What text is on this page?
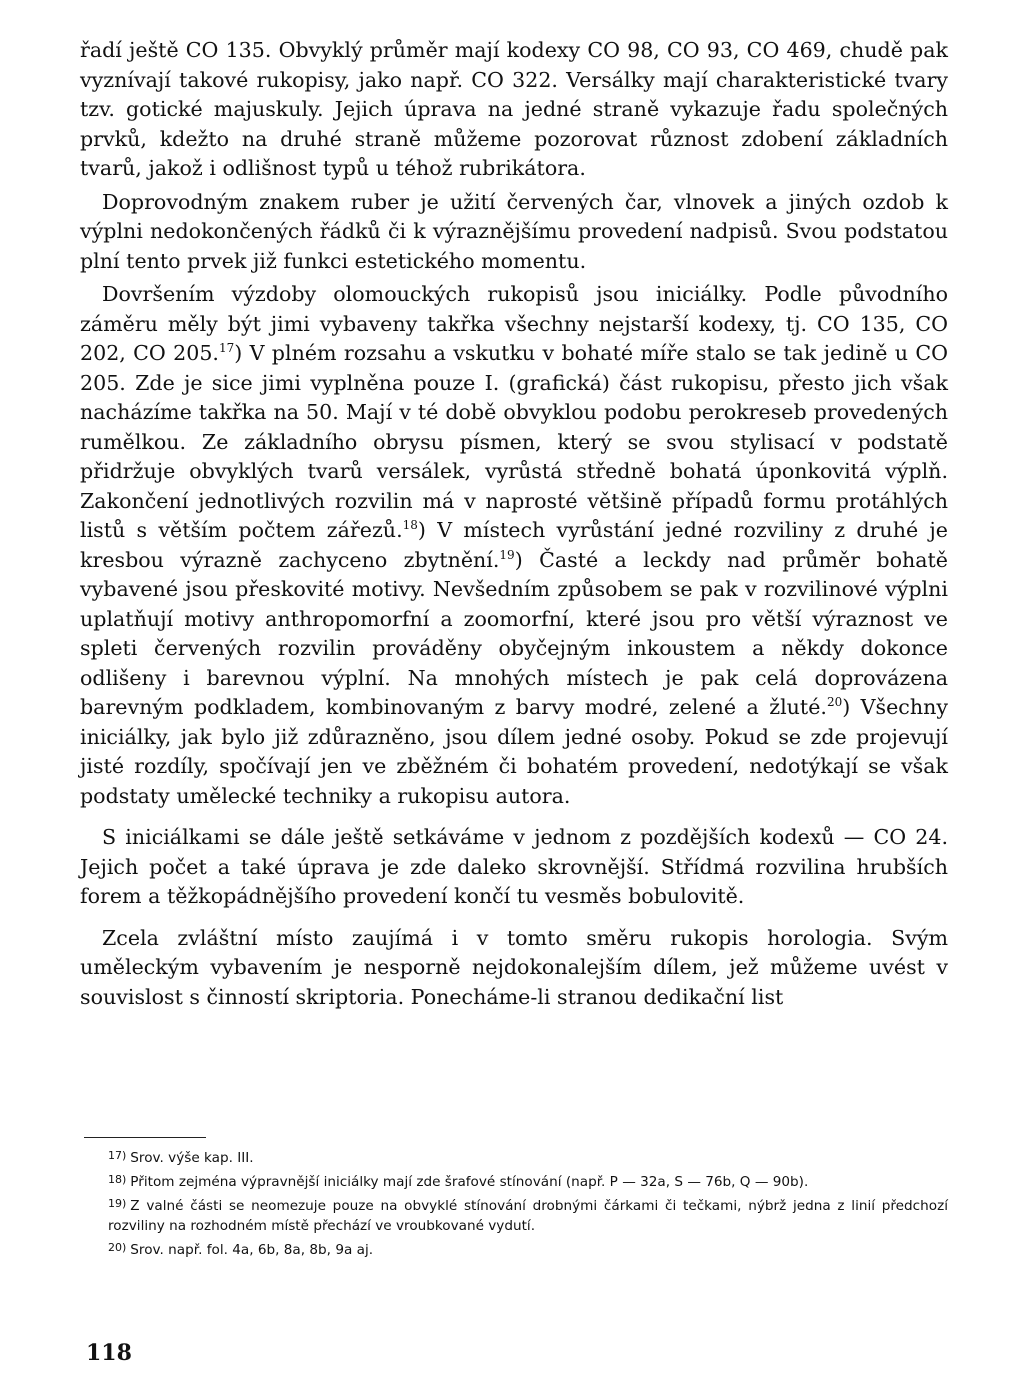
řadí ještě CO 135. Obvyklý průměr mají kodexy CO 98, CO 93, CO 469, chudě pak vyznívají takové rukopisy, jako např. CO 322. Versálky mají charakteristické tvary tzv. gotické majuskuly. Jejich úprava na jedné straně vykazuje řadu společných prvků, kdežto na druhé straně můžeme pozorovat různost zdobení základních tvarů, jakož i odlišnost typů u téhož rubrikátora.

Doprovodným znakem ruber je užití červených čar, vlnovek a jiných ozdob k výplni nedokončených řádků či k výraznějšímu provedení nadpisů. Svou podstatou plní tento prvek již funkci estetického momentu.

Dovršením výzdoby olomouckých rukopisů jsou iniciálky. Podle původního záměru měly být jimi vybaveny takřka všechny nejstarší kodexy, tj. CO 135, CO 202, CO 205.17) V plném rozsahu a vskutku v bohaté míře stalo se tak jedině u CO 205. Zde je sice jimi vyplněna pouze I. (grafická) část rukopisu, přesto jich však nacházíme takřka na 50. Mají v té době obvyklou podobu perokreseb provedených rumělkou. Ze základního obrysu písmen, který se svou stylisací v podstatě přidržuje obvyklých tvarů versálek, vyrůstá středně bohatá úponkovitá výplň. Zakončení jednotlivých rozvilin má v naprosté většině případů formu protáhlých listů s větším počtem zářezů.$^{18}$) V místech vyrůstání jedné rozviliny z druhé je kresbou výrazně zachyceno zbytnění.$^{19}$) Časté a leckdy nad průměr bohatě vybavené jsou přeskovité motivy. Nevšedním způsobem se pak v rozvilinové výplni uplatňují motivy anthropomorfní a zoomorfní, které jsou pro větší výraznost ve spleti červených rozvilin prováděny obyčejným inkoustem a někdy dokonce odlišeny i barevnou výplní. Na mnohých místech je pak celá doprovázena barevným podkladem, kombinovaným z barvy modré, zelené a žluté.$^{20}$) Všechny iniciálky, jak bylo již zdůrazněno, jsou dílem jedné osoby. Pokud se zde projevují jisté rozdíly, spočívají jen ve zběžném či bohatém provedení, nedotýkají se však podstaty umělecké techniky a rukopisu autora.

S iniciálkami se dále ještě setkáváme v jednom z pozdějších kodexů — CO 24. Jejich počet a také úprava je zde daleko skrovnější. Střídmá rozvilina hrubších forem a těžkopádnějšího provedení končí tu vesměs bobulovitě.

Zcela zvláštní místo zaujímá i v tomto směru rukopis horologia. Svým uměleckým vybavením je nesporně nejdokonalejším dílem, jež můžeme uvést v souvislost s činností skriptoria. Ponecháme-li stranou dedikační list

$^{17)}$ Srov. výše kap. III.
$^{18)}$ Přitom zejména výpravnější iniciálky mají zde šrafové stínování (např. P — 32a, S — 76b, Q — 90b).
$^{19)}$ Z valné části se neomezuje pouze na obvyklé stínování drobnými čárkami či tečkami, nýbrž jedna z linií předchozí rozviliny na rozhodném místě přechází ve vroubkované vydutí.
$^{20)}$ Srov. např. fol. 4a, 6b, 8a, 8b, 9a aj.
118
